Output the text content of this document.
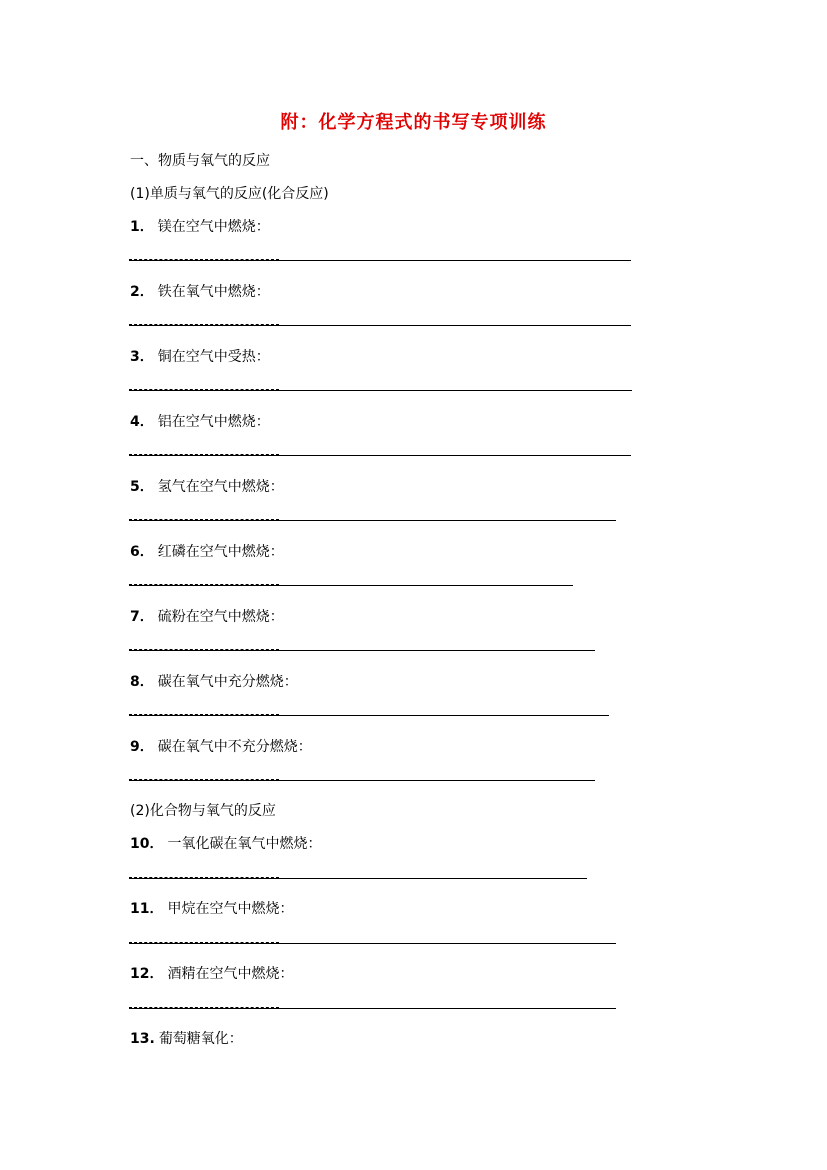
附：化学方程式的书写专项训练
一、物质与氧气的反应
(1)单质与氧气的反应(化合反应)
1． 镁在空气中燃烧：
2． 铁在氧气中燃烧：
3． 铜在空气中受热：
4． 铝在空气中燃烧：
5． 氢气在空气中燃烧：
6． 红磷在空气中燃烧：
7． 硫粉在空气中燃烧：
8． 碳在氧气中充分燃烧：
9． 碳在氧气中不充分燃烧：
(2)化合物与氧气的反应
10． 一氧化碳在氧气中燃烧：
11． 甲烷在空气中燃烧：
12． 酒精在空气中燃烧：
13. 葡萄糖氧化：
